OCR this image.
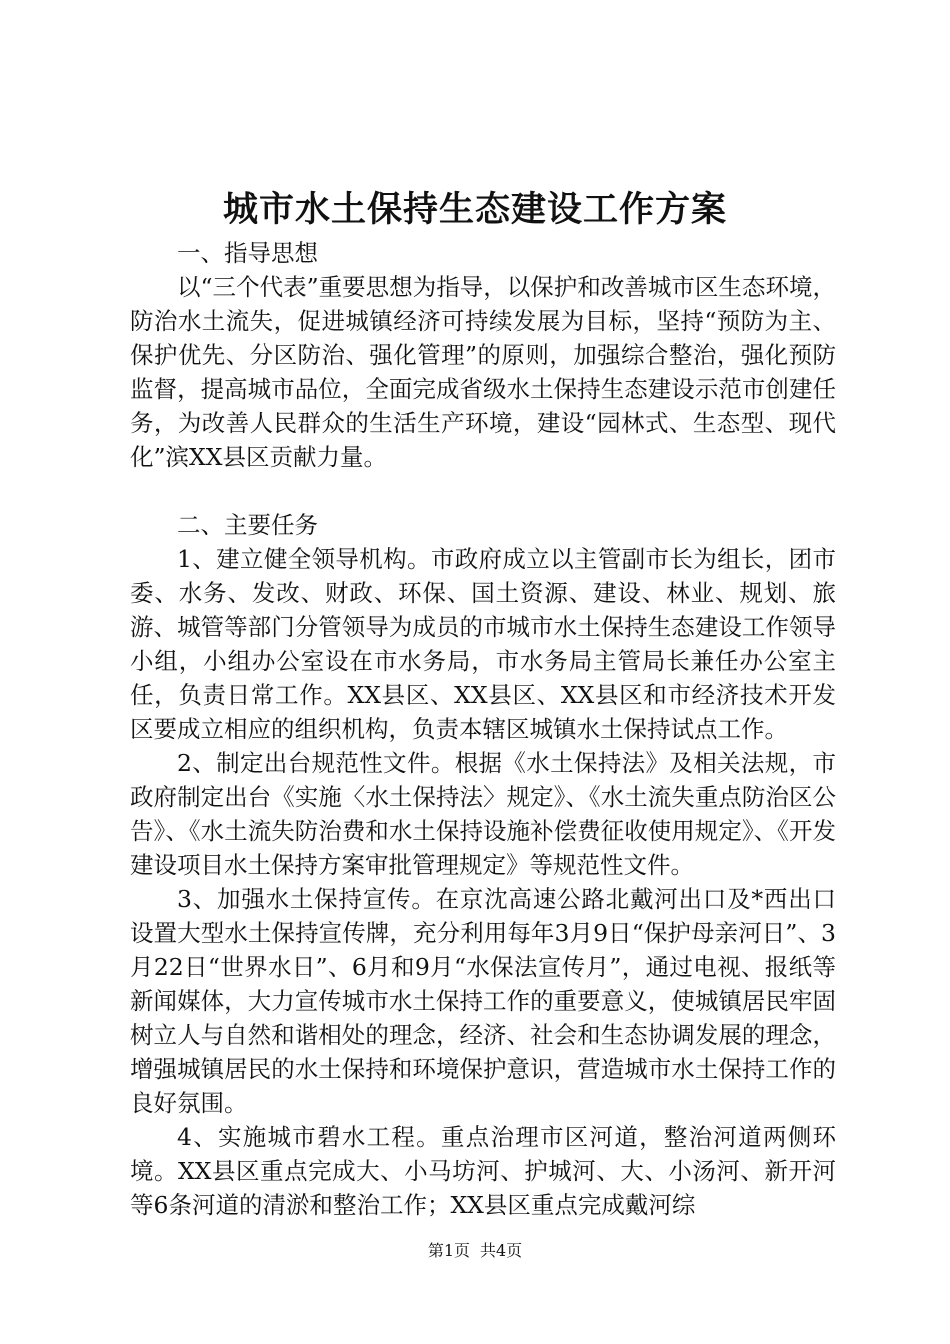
城市水土保持生态建设工作方案

一、指导思想

以“三个代表”重要思想为指导，以保护和改善城市区生态环境，防治水土流失，促进城镇经济可持续发展为目标，坚持“预防为主、保护优先、分区防治、强化管理”的原则，加强综合整治，强化预防监督，提高城市品位，全面完成省级水土保持生态建设示范市创建任务，为改善人民群众的生活生产环境，建设“园林式、生态型、现代化”滨XX县区贡献力量。

二、主要任务

1、建立健全领导机构。市政府成立以主管副市长为组长，团市委、水务、发改、财政、环保、国土资源、建设、林业、规划、旅游、城管等部门分管领导为成员的市城市水土保持生态建设工作领导小组，小组办公室设在市水务局，市水务局主管局长兼任办公室主任，负责日常工作。XX县区、XX县区、XX县区和市经济技术开发区要成立相应的组织机构，负责本辖区城镇水土保持试点工作。

2、制定出台规范性文件。根据《水土保持法》及相关法规，市政府制定出台《实施〈水土保持法〉规定》、《水土流失重点防治区公告》、《水土流失防治费和水土保持设施补偿费征收使用规定》、《开发建设项目水土保持方案审批管理规定》等规范性文件。

3、加强水土保持宣传。在京沈高速公路北戴河出口及*西出口设置大型水土保持宣传牌，充分利用每年3月9日“保护母亲河日”、3月22日“世界水日”、6月和9月“水保法宣传月”，通过电视、报纸等新闻媒体，大力宣传城市水土保持工作的重要意义，使城镇居民牢固树立人与自然和谐相处的理念，经济、社会和生态协调发展的理念，增强城镇居民的水土保持和环境保护意识，营造城市水土保持工作的良好氛围。

4、实施城市碧水工程。重点治理市区河道，整治河道两侧环境。XX县区重点完成大、小马坊河、护城河、大、小汤河、新开河等6条河道的清淤和整治工作；XX县区重点完成戴河综

第1页 共4页
